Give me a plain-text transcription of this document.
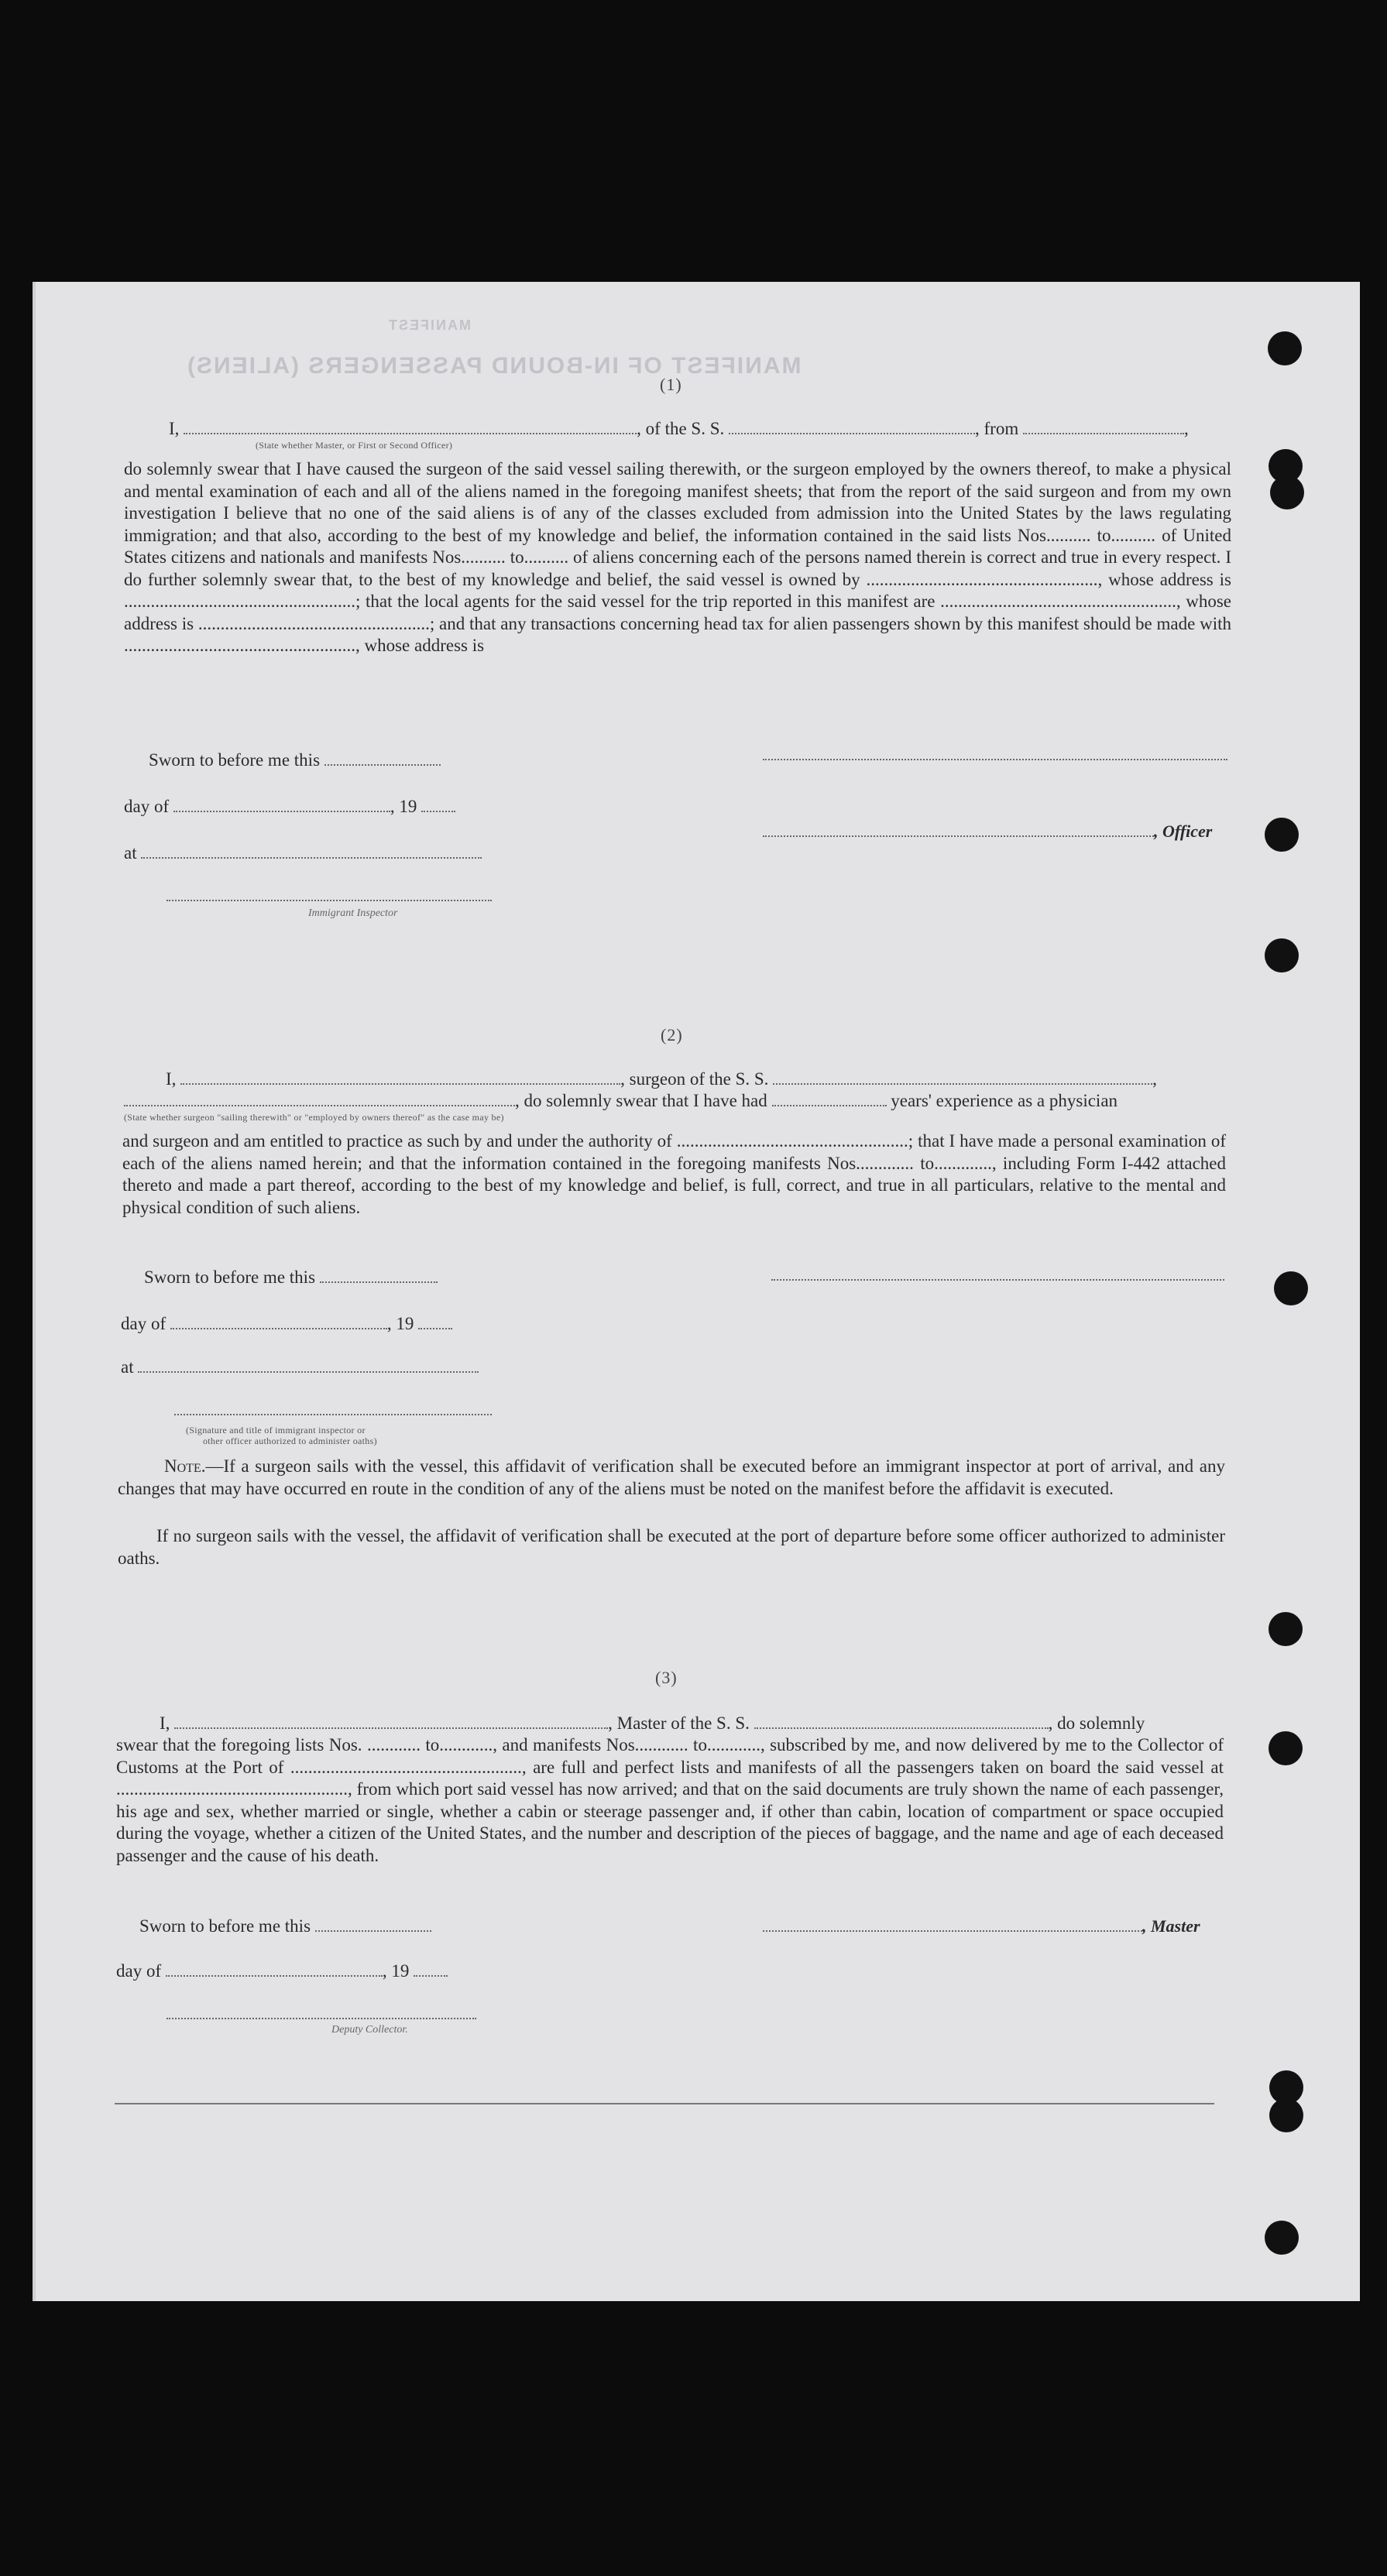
MANIFEST OF IN-BOUND PASSENGERS (ALIENS)
MANIFEST
(1)
I,	, of the S. S.	, from	,
(State whether Master, or First or Second Officer)
do solemnly swear that I have caused the surgeon of the said vessel sailing therewith, or the surgeon employed by the owners thereof, to make a physical and mental examination of each and all of the aliens named in the foregoing manifest sheets; that from the report of the said surgeon and from my own investigation I believe that no one of the said aliens is of any of the classes excluded from admission into the United States by the laws regulating immigration; and that also, according to the best of my knowledge and belief, the information contained in the said lists Nos.......... to.......... of United States citizens and nationals and manifests Nos.......... to.......... of aliens concerning each of the persons named therein is correct and true in every respect. I do further solemnly swear that, to the best of my knowledge and belief, the said vessel is owned by ...................................................., whose address is ....................................................; that the local agents for the said vessel for the trip reported in this manifest are ....................................................., whose address is ....................................................; and that any transactions concerning head tax for alien passengers shown by this manifest should be made with ...................................................., whose address is
Sworn to before me this
day of	, 19
, Officer
at
Immigrant Inspector
(2)
I,	, surgeon of the S. S.	,
, do solemnly swear that I have had	years' experience as a physician
(State whether surgeon "sailing therewith" or "employed by owners thereof" as the case may be)
and surgeon and am entitled to practice as such by and under the authority of ....................................................; that I have made a personal examination of each of the aliens named herein; and that the information contained in the foregoing manifests Nos............. to............., including Form I-442 attached thereto and made a part thereof, according to the best of my knowledge and belief, is full, correct, and true in all particulars, relative to the mental and physical condition of such aliens.
Sworn to before me this
day of	, 19
at
(Signature and title of immigrant inspector or
other officer authorized to administer oaths)
Note.—If a surgeon sails with the vessel, this affidavit of verification shall be executed before an immigrant inspector at port of arrival, and any changes that may have occurred en route in the condition of any of the aliens must be noted on the manifest before the affidavit is executed.
If no surgeon sails with the vessel, the affidavit of verification shall be executed at the port of departure before some officer authorized to administer oaths.
(3)
I,	, Master of the S. S.	, do solemnly
swear that the foregoing lists Nos. ............ to............, and manifests Nos............ to............, subscribed by me, and now delivered by me to the Collector of Customs at the Port of ...................................................., are full and perfect lists and manifests of all the passengers taken on board the said vessel at ...................................................., from which port said vessel has now arrived; and that on the said documents are truly shown the name of each passenger, his age and sex, whether married or single, whether a cabin or steerage passenger and, if other than cabin, location of compartment or space occupied during the voyage, whether a citizen of the United States, and the number and description of the pieces of baggage, and the name and age of each deceased passenger and the cause of his death.
Sworn to before me this	, Master
day of	, 19
Deputy Collector.
